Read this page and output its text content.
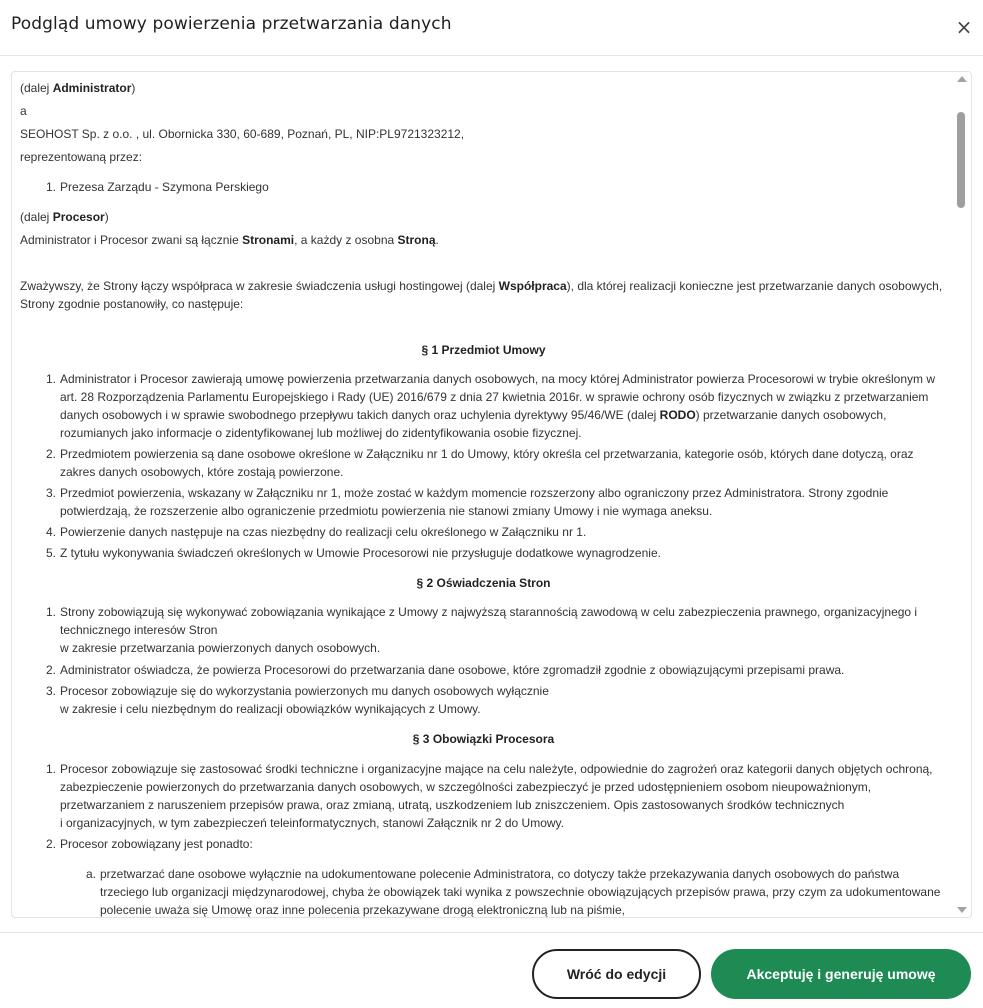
Podgląd umowy powierzenia przetwarzania danych	×

(dalej Administrator)

a

SEOHOST Sp. z o.o. , ul. Obornicka 330, 60-689, Poznań, PL, NIP:PL9721323212,

reprezentowaną przez:

1. Prezesa Zarządu - Szymona Perskiego

(dalej Procesor)

Administrator i Procesor zwani są łącznie Stronami, a każdy z osobna Stroną.

Zważywszy, że Strony łączy współpraca w zakresie świadczenia usługi hostingowej (dalej Współpraca), dla której realizacji konieczne jest przetwarzanie danych osobowych,

Strony zgodnie postanowiły, co następuje:

§ 1 Przedmiot Umowy
1. Administrator i Procesor zawierają umowę powierzenia przetwarzania danych osobowych, na mocy której Administrator powierza Procesorowi w trybie określonym w
art. 28 Rozporządzenia Parlamentu Europejskiego i Rady (UE) 2016/679 z dnia 27 kwietnia 2016r. w sprawie ochrony osób fizycznych w związku z przetwarzaniem
danych osobowych i w sprawie swobodnego przepływu takich danych oraz uchylenia dyrektywy 95/46/WE (dalej RODO) przetwarzanie danych osobowych,
rozumianych jako informacje o zidentyfikowanej lub możliwej do zidentyfikowania osobie fizycznej.
2. Przedmiotem powierzenia są dane osobowe określone w Załączniku nr 1 do Umowy, który określa cel przetwarzania, kategorie osób, których dane dotyczą, oraz
zakres danych osobowych, które zostają powierzone.
3. Przedmiot powierzenia, wskazany w Załączniku nr 1, może zostać w każdym momencie rozszerzony albo ograniczony przez Administratora. Strony zgodnie
potwierdzają, że rozszerzenie albo ograniczenie przedmiotu powierzenia nie stanowi zmiany Umowy i nie wymaga aneksu.
4. Powierzenie danych następuje na czas niezbędny do realizacji celu określonego w Załączniku nr 1.
5. Z tytułu wykonywania świadczeń określonych w Umowie Procesorowi nie przysługuje dodatkowe wynagrodzenie.
§ 2 Oświadczenia Stron
1. Strony zobowiązują się wykonywać zobowiązania wynikające z Umowy z najwyższą starannością zawodową w celu zabezpieczenia prawnego, organizacyjnego i
technicznego interesów Stron
w zakresie przetwarzania powierzonych danych osobowych.
2. Administrator oświadcza, że powierza Procesorowi do przetwarzania dane osobowe, które zgromadził zgodnie z obowiązującymi przepisami prawa.
3. Procesor zobowiązuje się do wykorzystania powierzonych mu danych osobowych wyłącznie
w zakresie i celu niezbędnym do realizacji obowiązków wynikających z Umowy.
§ 3 Obowiązki Procesora
1. Procesor zobowiązuje się zastosować środki techniczne i organizacyjne mające na celu należyte, odpowiednie do zagrożeń oraz kategorii danych objętych ochroną,
zabezpieczenie powierzonych do przetwarzania danych osobowych, w szczególności zabezpieczyć je przed udostępnieniem osobom nieupoważnionym,
przetwarzaniem z naruszeniem przepisów prawa, oraz zmianą, utratą, uszkodzeniem lub zniszczeniem. Opis zastosowanych środków technicznych
i organizacyjnych, w tym zabezpieczeń teleinformatycznych, stanowi Załącznik nr 2 do Umowy.
2. Procesor zobowiązany jest ponadto:
a. przetwarzać dane osobowe wyłącznie na udokumentowane polecenie Administratora, co dotyczy także przekazywania danych osobowych do państwa
trzeciego lub organizacji międzynarodowej, chyba że obowiązek taki wynika z powszechnie obowiązujących przepisów prawa, przy czym za udokumentowane
polecenie uważa się Umowę oraz inne polecenia przekazywane drogą elektroniczną lub na piśmie,
Wróć do edycji	Akceptuję i generuję umowę
